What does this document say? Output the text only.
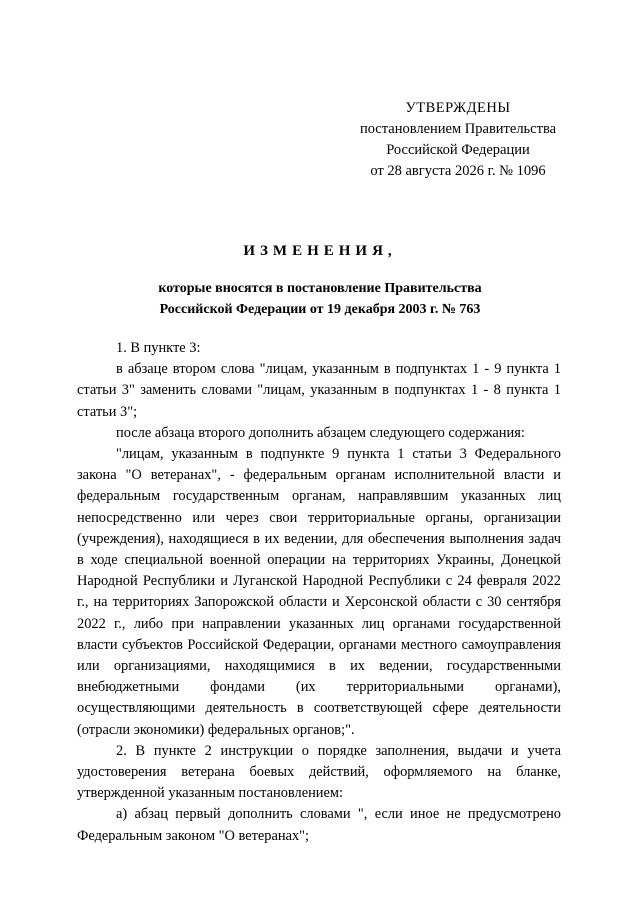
УТВЕРЖДЕНЫ
постановлением Правительства
Российской Федерации
от 28 августа 2026 г. № 1096
ИЗМЕНЕНИЯ,
которые вносятся в постановление Правительства
Российской Федерации от 19 декабря 2003 г. № 763

1. В пункте 3:

в абзаце втором слова "лицам, указанным в подпунктах 1 - 9 пункта 1 статьи 3" заменить словами "лицам, указанным в подпунктах 1 - 8 пункта 1 статьи 3";

после абзаца второго дополнить абзацем следующего содержания:

"лицам, указанным в подпункте 9 пункта 1 статьи 3 Федерального закона "О ветеранах", - федеральным органам исполнительной власти и федеральным государственным органам, направлявшим указанных лиц непосредственно или через свои территориальные органы, организации (учреждения), находящиеся в их ведении, для обеспечения выполнения задач в ходе специальной военной операции на территориях Украины, Донецкой Народной Республики и Луганской Народной Республики с 24 февраля 2022 г., на территориях Запорожской области и Херсонской области с 30 сентября 2022 г., либо при направлении указанных лиц органами государственной власти субъектов Российской Федерации, органами местного самоуправления или организациями, находящимися в их ведении, государственными внебюджетными фондами (их территориальными органами), осуществляющими деятельность в соответствующей сфере деятельности (отрасли экономики) федеральных органов;".

2. В пункте 2 инструкции о порядке заполнения, выдачи и учета удостоверения ветерана боевых действий, оформляемого на бланке, утвержденной указанным постановлением:

а) абзац первый дополнить словами ", если иное не предусмотрено Федеральным законом "О ветеранах";
